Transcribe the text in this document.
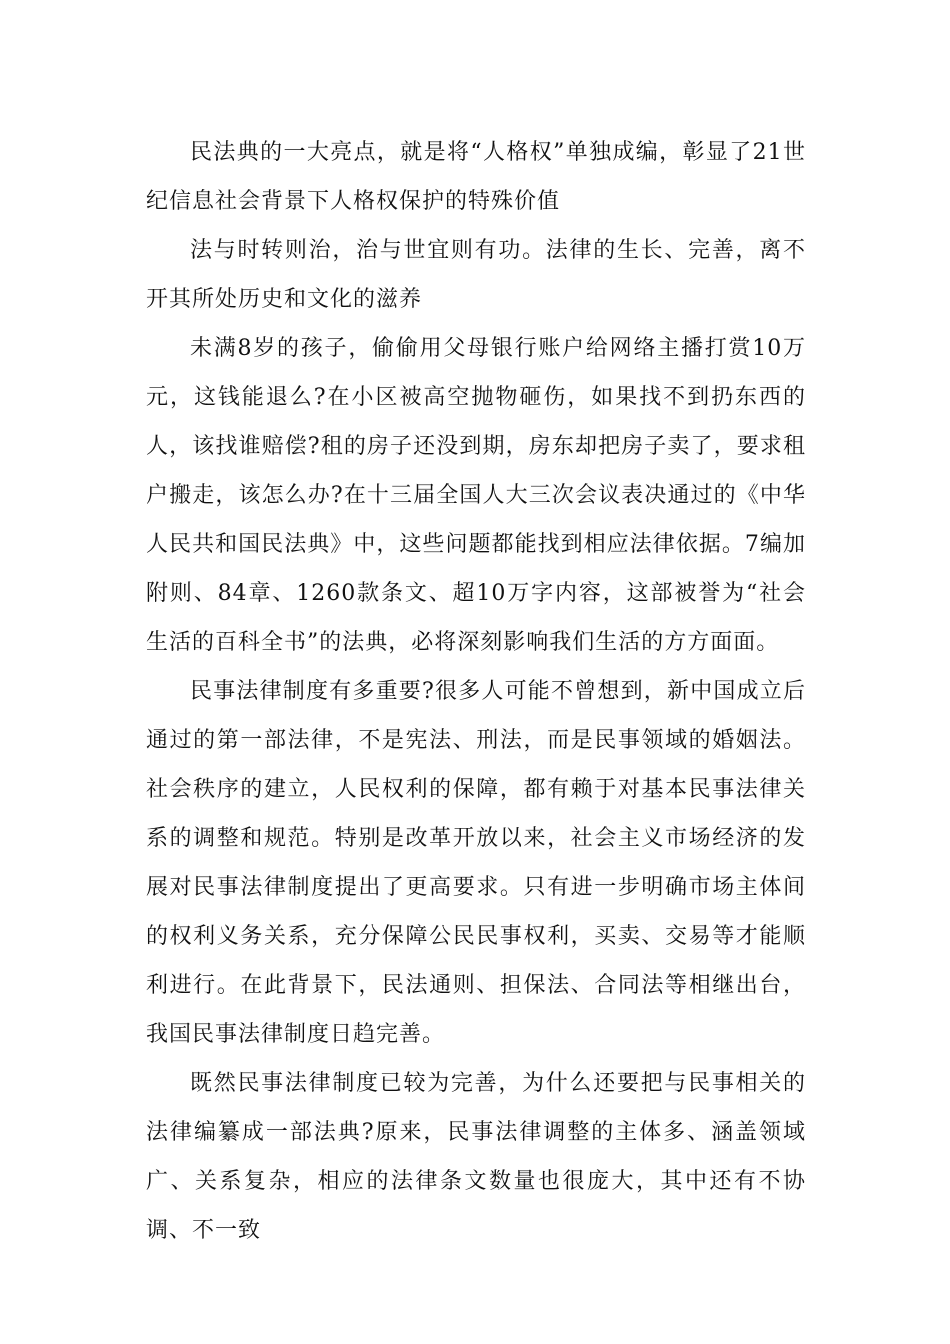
民法典的一大亮点，就是将“人格权”单独成编，彰显了21世纪信息社会背景下人格权保护的特殊价值

法与时转则治，治与世宜则有功。法律的生长、完善，离不开其所处历史和文化的滋养

未满8岁的孩子，偷偷用父母银行账户给网络主播打赏10万元，这钱能退么?在小区被高空抛物砸伤，如果找不到扔东西的人，该找谁赔偿?租的房子还没到期，房东却把房子卖了，要求租户搬走，该怎么办?在十三届全国人大三次会议表决通过的《中华人民共和国民法典》中，这些问题都能找到相应法律依据。7编加附则、84章、1260款条文、超10万字内容，这部被誉为“社会生活的百科全书”的法典，必将深刻影响我们生活的方方面面。

民事法律制度有多重要?很多人可能不曾想到，新中国成立后通过的第一部法律，不是宪法、刑法，而是民事领域的婚姻法。社会秩序的建立，人民权利的保障，都有赖于对基本民事法律关系的调整和规范。特别是改革开放以来，社会主义市场经济的发展对民事法律制度提出了更高要求。只有进一步明确市场主体间的权利义务关系，充分保障公民民事权利，买卖、交易等才能顺利进行。在此背景下，民法通则、担保法、合同法等相继出台，我国民事法律制度日趋完善。

既然民事法律制度已较为完善，为什么还要把与民事相关的法律编纂成一部法典?原来，民事法律调整的主体多、涵盖领域广、关系复杂，相应的法律条文数量也很庞大，其中还有不协调、不一致
